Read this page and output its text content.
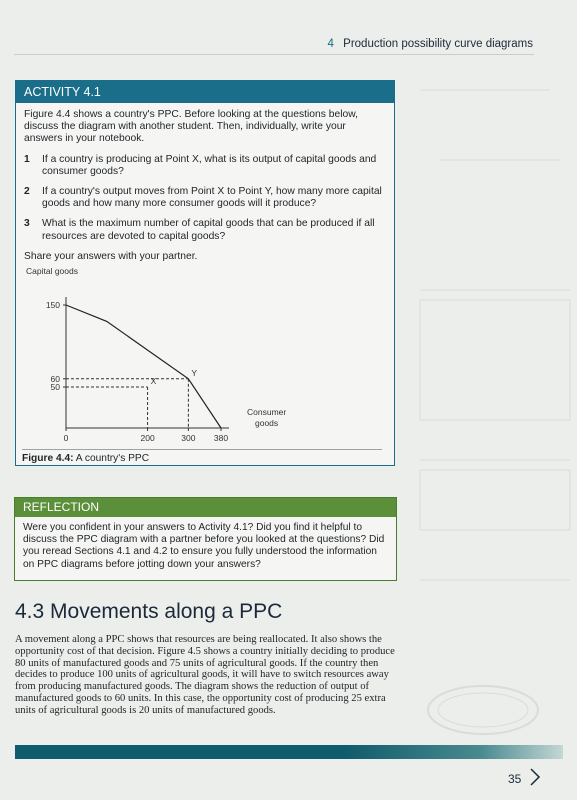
4 Production possibility curve diagrams
ACTIVITY 4.1

Figure 4.4 shows a country's PPC. Before looking at the questions below, discuss the diagram with another student. Then, individually, write your answers in your notebook.

1	If a country is producing at Point X, what is its output of capital goods and consumer goods?
2	If a country's output moves from Point X to Point Y, how many more capital goods and how many more consumer goods will it produce?
3	What is the maximum number of capital goods that can be produced if all resources are devoted to capital goods?

Share your answers with your partner.

Capital goods
150
60
50
0	200	300 380
X
Y
Consumer
goods
Figure 4.4: A country's PPC
REFLECTION
Were you confident in your answers to Activity 4.1? Did you find it helpful to discuss the PPC diagram with a partner before you looked at the questions? Did you reread Sections 4.1 and 4.2 to ensure you fully understood the information on PPC diagrams before jotting down your answers?
4.3 Movements along a PPC

A movement along a PPC shows that resources are being reallocated. It also shows the opportunity cost of that decision. Figure 4.5 shows a country initially deciding to produce 80 units of manufactured goods and 75 units of agricultural goods. If the country then decides to produce 100 units of agricultural goods, it will have to switch resources away from producing manufactured goods. The diagram shows the reduction of output of manufactured goods to 60 units. In this case, the opportunity cost of producing 25 extra units of agricultural goods is 20 units of manufactured goods.

35
